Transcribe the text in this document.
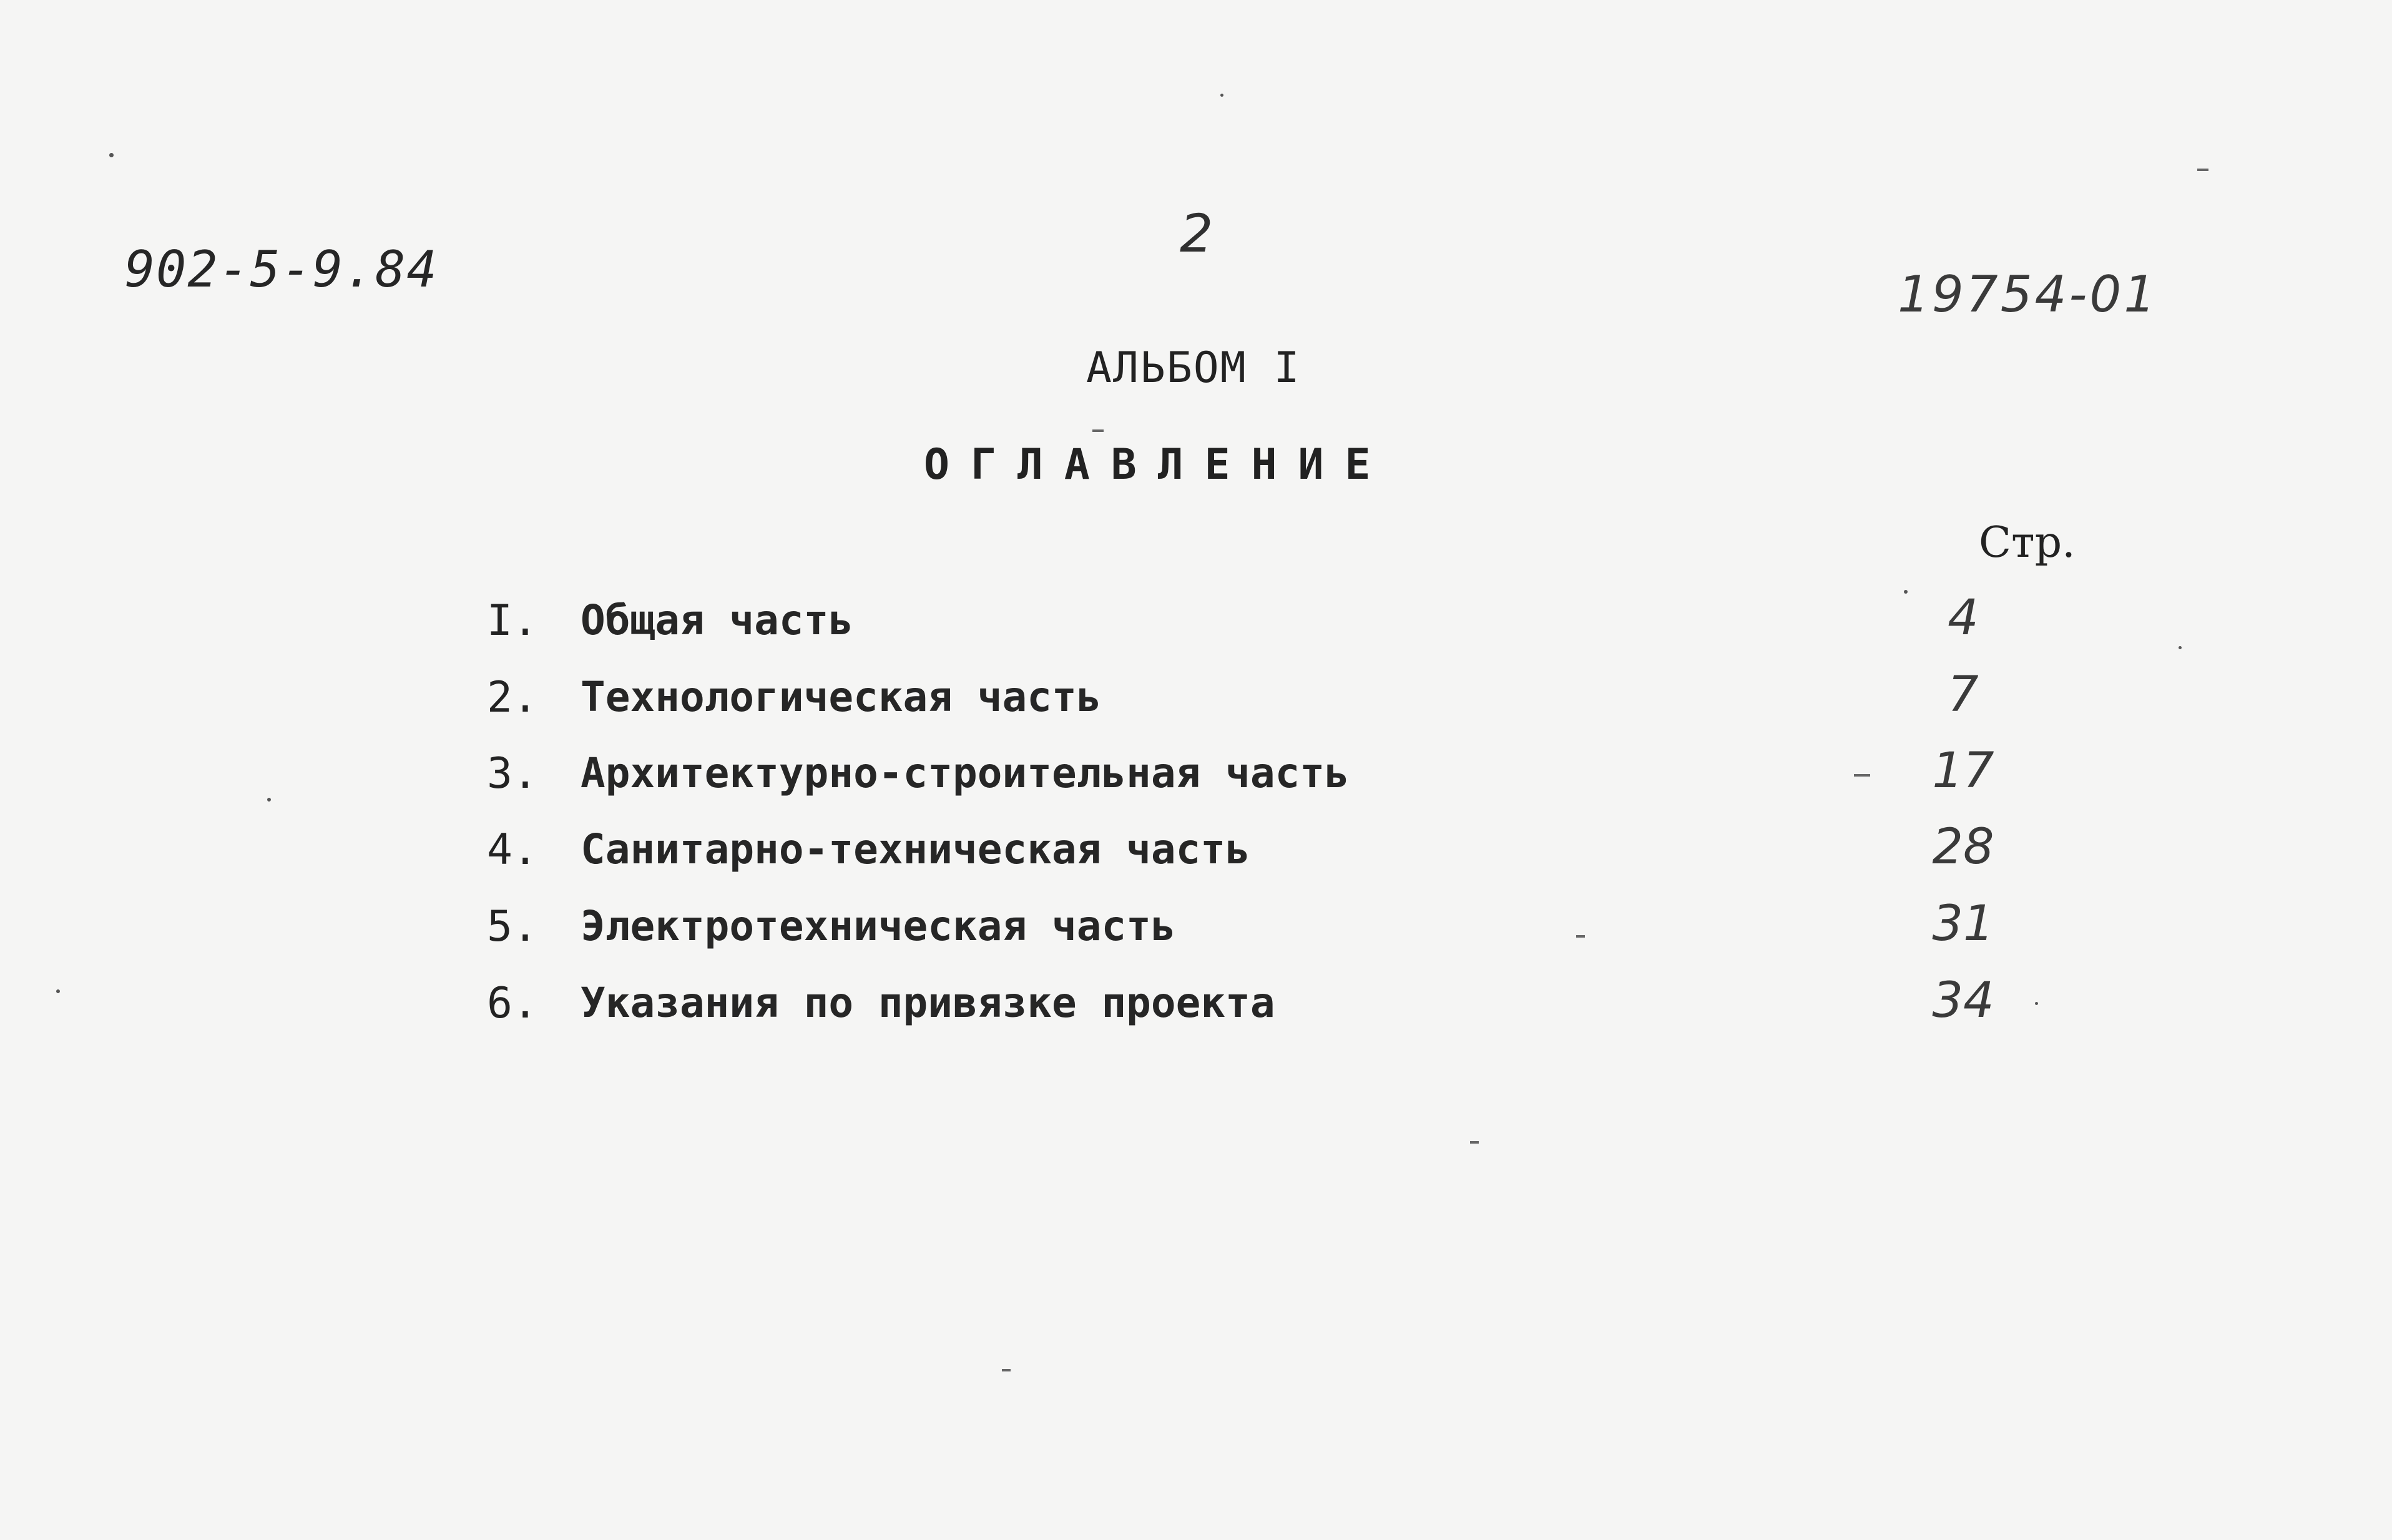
902-5-9.84
2
19754-01
АЛЬБОМ I
ОГЛАВЛЕНИЕ
Стр.
I. Общая часть	4
2. Технологическая часть	7
3. Архитектурно-строительная часть	17
4. Санитарно-техническая часть	28
5. Электротехническая часть	31
6. Указания по привязке проекта	34
